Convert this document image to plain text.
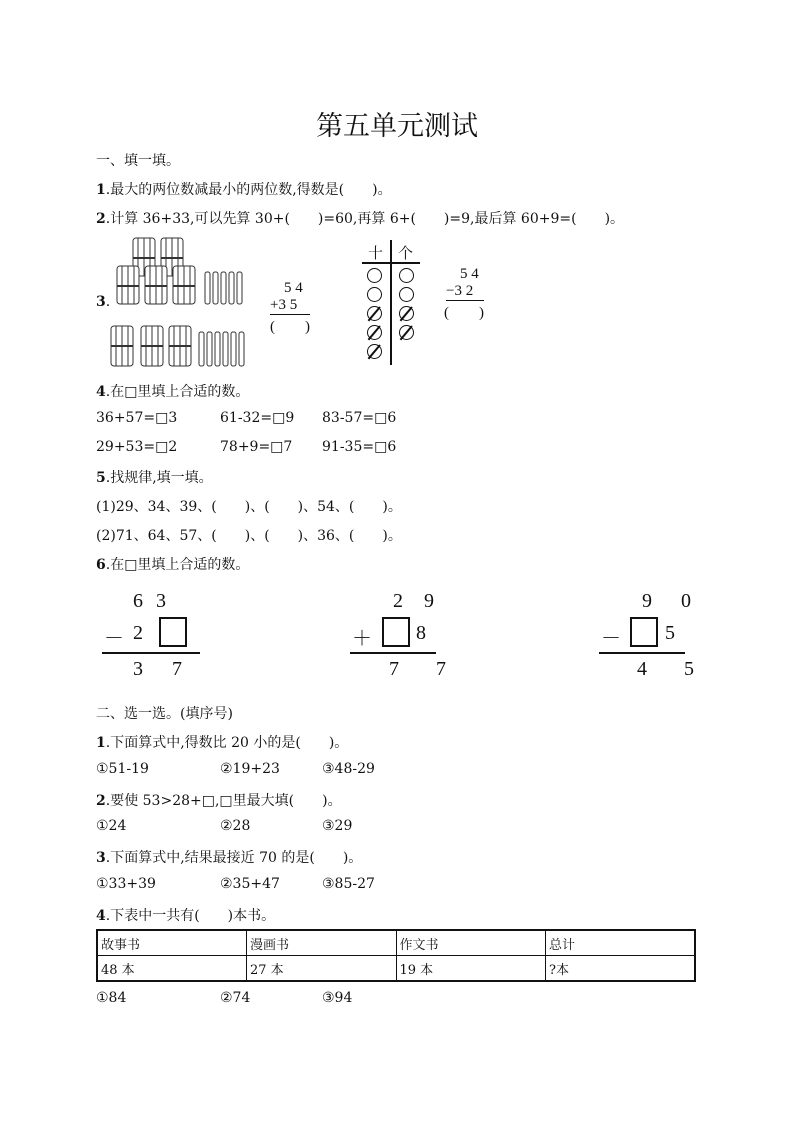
第五单元测试
一、填一填。
1.最大的两位数减最小的两位数,得数是(　　)。
2.计算 36+33,可以先算 30+(　　)=60,再算 6+(　　)=9,最后算 60+9=(　　)。
3.
5 4
+3 5
(　　)
十 个
5 4
−3 2
(　　)
4.在□里填上合适的数。
36+57=□3	61-32=□9 83-57=□6
29+53=□2	78+9=□7 91-35=□6
5.找规律,填一填。
(1)29、34、39、(　　)、(　　)、54、(　　)。
(2)71、64、57、(　　)、(　　)、36、(　　)。
6.在□里填上合适的数。
6 3
－ 2
3 7
2 9
＋ 8
7 7
9 0
－ 5
4 5
二、选一选。(填序号)
1.下面算式中,得数比 20 小的是(　　)。
①51-19	②19+23	③48-29
2.要使 53>28+□,□里最大填(　　)。
①24	②28	③29
3.下面算式中,结果最接近 70 的是(　　)。
①33+39	②35+47	③85-27
4.下表中一共有(　　)本书。
故事书	漫画书	作文书	总计
48 本	27 本	19 本	?本
①84	②74	③94
